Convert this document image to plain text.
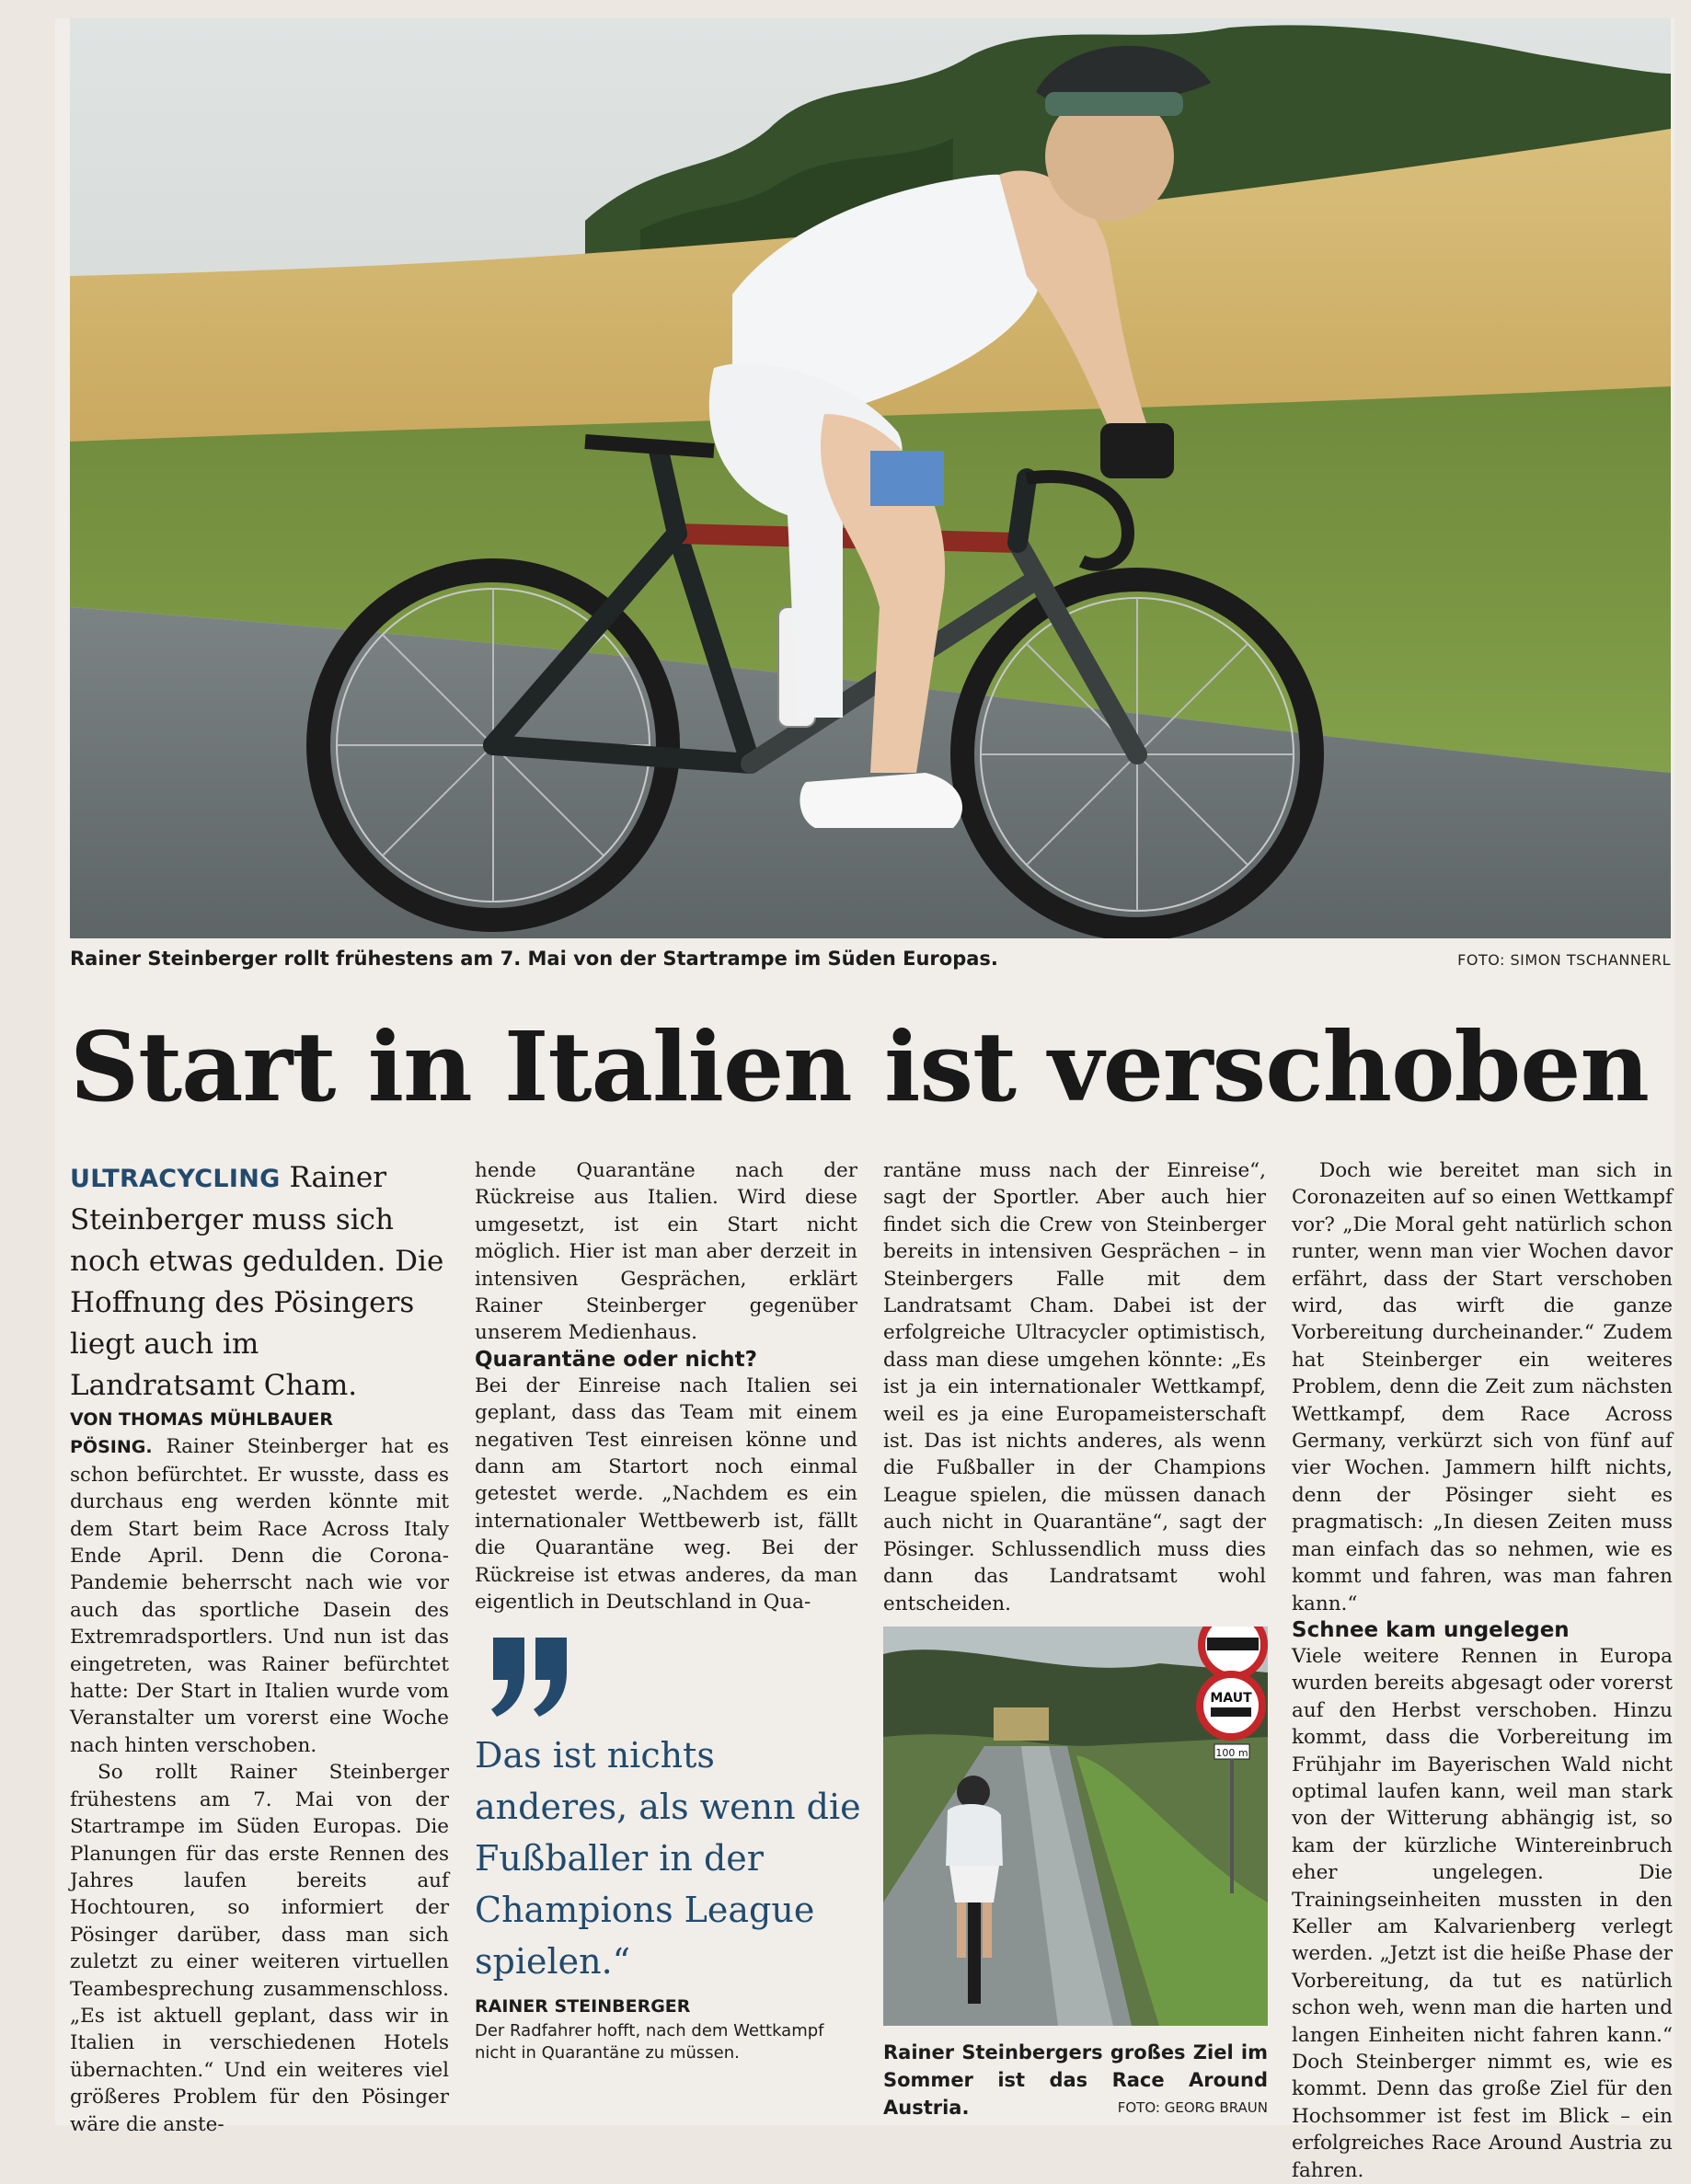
Rainer Steinberger rollt frühestens am 7. Mai von der Startrampe im Süden Europas.	FOTO: SIMON TSCHANNERL
Start in Italien ist verschoben

ULTRACYCLING Rainer Steinberger muss sich noch etwas gedulden. Die Hoffnung des Pösingers liegt auch im Landratsamt Cham.

VON THOMAS MÜHLBAUER

PÖSING. Rainer Steinberger hat es schon befürchtet. Er wusste, dass es durchaus eng werden könnte mit dem Start beim Race Across Italy Ende April. Denn die Corona-Pandemie beherrscht nach wie vor auch das sportliche Dasein des Extremradsportlers. Und nun ist das eingetreten, was Rainer befürchtet hatte: Der Start in Italien wurde vom Veranstalter um vorerst eine Woche nach hinten verschoben.

So rollt Rainer Steinberger frühestens am 7. Mai von der Startrampe im Süden Europas. Die Planungen für das erste Rennen des Jahres laufen bereits auf Hochtouren, so informiert der Pösinger darüber, dass man sich zuletzt zu einer weiteren virtuellen Teambesprechung zusammenschloss. „Es ist aktuell geplant, dass wir in Italien in verschiedenen Hotels übernachten.“ Und ein weiteres viel größeres Problem für den Pösinger wäre die anste-

hende Quarantäne nach der Rückreise aus Italien. Wird diese umgesetzt, ist ein Start nicht möglich. Hier ist man aber derzeit in intensiven Gesprächen, erklärt Rainer Steinberger gegenüber unserem Medienhaus.

Quarantäne oder nicht?

Bei der Einreise nach Italien sei geplant, dass das Team mit einem negativen Test einreisen könne und dann am Startort noch einmal getestet werde. „Nachdem es ein internationaler Wettbewerb ist, fällt die Quarantäne weg. Bei der Rückreise ist etwas anderes, da man eigentlich in Deutschland in Qua-

Das ist nichts anderes, als wenn die Fußballer in der Champions League spielen.“
RAINER STEINBERGER
Der Radfahrer hofft, nach dem Wettkampf nicht in Quarantäne zu müssen.

rantäne muss nach der Einreise“, sagt der Sportler. Aber auch hier findet sich die Crew von Steinberger bereits in intensiven Gesprächen – in Steinbergers Falle mit dem Landratsamt Cham. Dabei ist der erfolgreiche Ultracycler optimistisch, dass man diese umgehen könnte: „Es ist ja ein internationaler Wettkampf, weil es ja eine Europameisterschaft ist. Das ist nichts anderes, als wenn die Fußballer in der Champions League spielen, die müssen danach auch nicht in Quarantäne“, sagt der Pösinger. Schlussendlich muss dies dann das Landratsamt wohl entscheiden.

MAUT
100 m
Rainer Steinbergers großes Ziel im Sommer ist das Race Around Austria.	FOTO: GEORG BRAUN

Doch wie bereitet man sich in Coronazeiten auf so einen Wettkampf vor? „Die Moral geht natürlich schon runter, wenn man vier Wochen davor erfährt, dass der Start verschoben wird, das wirft die ganze Vorbereitung durcheinander.“ Zudem hat Steinberger ein weiteres Problem, denn die Zeit zum nächsten Wettkampf, dem Race Across Germany, verkürzt sich von fünf auf vier Wochen. Jammern hilft nichts, denn der Pösinger sieht es pragmatisch: „In diesen Zeiten muss man einfach das so nehmen, wie es kommt und fahren, was man fahren kann.“

Schnee kam ungelegen

Viele weitere Rennen in Europa wurden bereits abgesagt oder vorerst auf den Herbst verschoben. Hinzu kommt, dass die Vorbereitung im Frühjahr im Bayerischen Wald nicht optimal laufen kann, weil man stark von der Witterung abhängig ist, so kam der kürzliche Wintereinbruch eher ungelegen. Die Trainingseinheiten mussten in den Keller am Kalvarienberg verlegt werden. „Jetzt ist die heiße Phase der Vorbereitung, da tut es natürlich schon weh, wenn man die harten und langen Einheiten nicht fahren kann.“ Doch Steinberger nimmt es, wie es kommt. Denn das große Ziel für den Hochsommer ist fest im Blick – ein erfolgreiches Race Around Austria zu fahren.
